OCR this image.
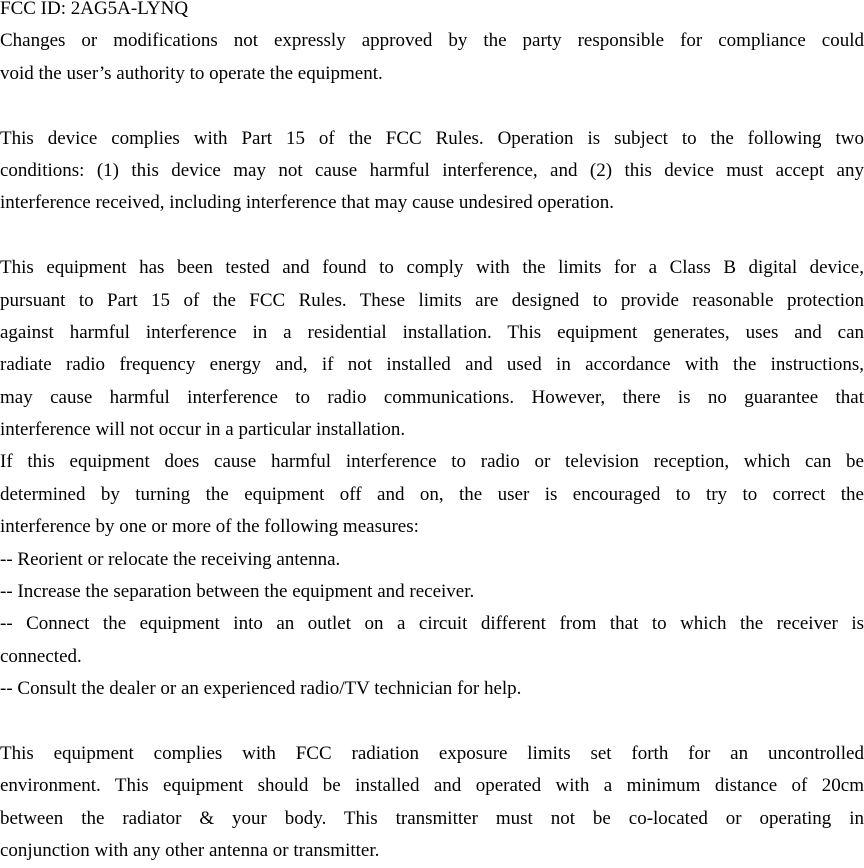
FCC ID: 2AG5A-LYNQ
Changes or modifications not expressly approved by the party responsible for compliance could
void the user’s authority to operate the equipment.
This device complies with Part 15 of the FCC Rules. Operation is subject to the following two
conditions: (1) this device may not cause harmful interference, and (2) this device must accept any
interference received, including interference that may cause undesired operation.
This equipment has been tested and found to comply with the limits for a Class B digital device,
pursuant to Part 15 of the FCC Rules. These limits are designed to provide reasonable protection
against harmful interference in a residential installation. This equipment generates, uses and can
radiate radio frequency energy and, if not installed and used in accordance with the instructions,
may cause harmful interference to radio communications. However, there is no guarantee that
interference will not occur in a particular installation.
If this equipment does cause harmful interference to radio or television reception, which can be
determined by turning the equipment off and on, the user is encouraged to try to correct the
interference by one or more of the following measures:
-- Reorient or relocate the receiving antenna.
-- Increase the separation between the equipment and receiver.
-- Connect the equipment into an outlet on a circuit different from that to which the receiver is
connected.
-- Consult the dealer or an experienced radio/TV technician for help.
This equipment complies with FCC radiation exposure limits set forth for an uncontrolled
environment. This equipment should be installed and operated with a minimum distance of 20cm
between the radiator & your body. This transmitter must not be co-located or operating in
conjunction with any other antenna or transmitter.
